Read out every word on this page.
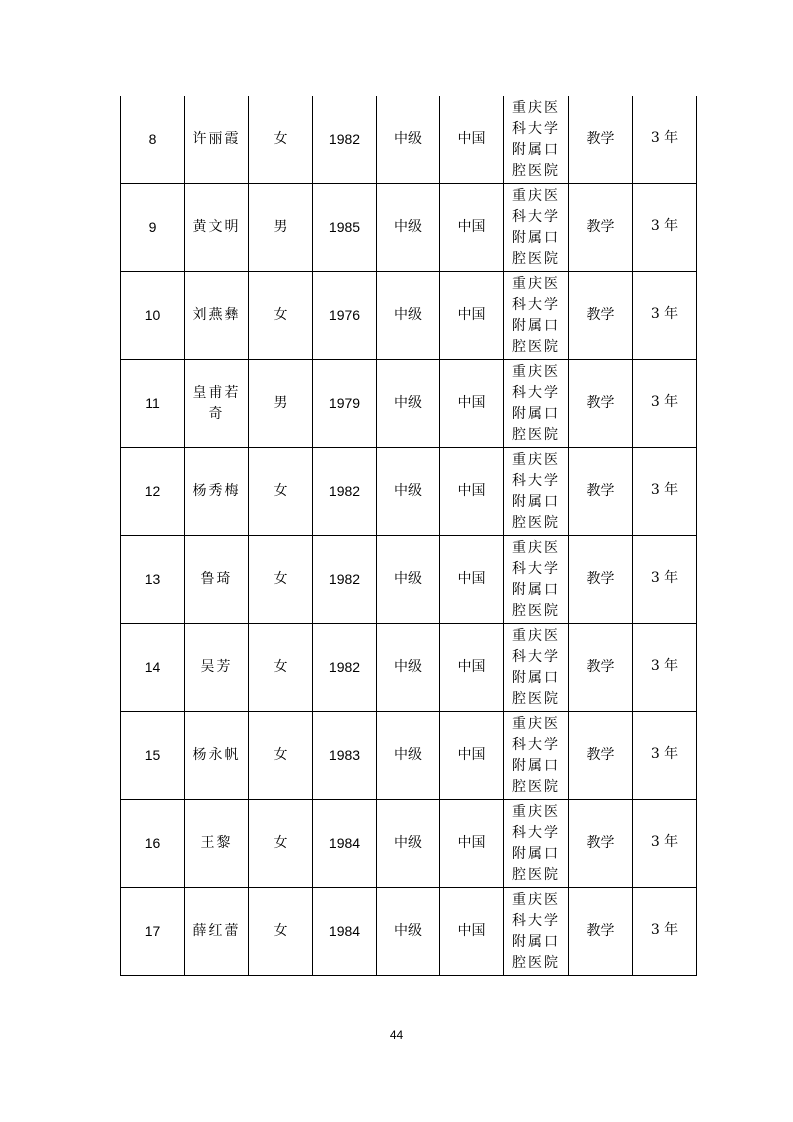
8	许丽霞	女	1982	中级	中国	重庆医
科大学
附属口
腔医院	教学	3 年

9	黄文明	男	1985	中级	中国	重庆医
科大学
附属口
腔医院	教学	3 年

10	刘燕彝	女	1976	中级	中国	重庆医
科大学
附属口
腔医院	教学	3 年

11	皇甫若奇	男	1979	中级	中国	重庆医
科大学
附属口
腔医院	教学	3 年

12	杨秀梅	女	1982	中级	中国	重庆医
科大学
附属口
腔医院	教学	3 年

13	鲁琦	女	1982	中级	中国	重庆医
科大学
附属口
腔医院	教学	3 年

14	吴芳	女	1982	中级	中国	重庆医
科大学
附属口
腔医院	教学	3 年

15	杨永帆	女	1983	中级	中国	重庆医
科大学
附属口
腔医院	教学	3 年

16	王黎	女	1984	中级	中国	重庆医
科大学
附属口
腔医院	教学	3 年

17	薛红蕾	女	1984	中级	中国	重庆医
科大学
附属口
腔医院	教学	3 年
44
